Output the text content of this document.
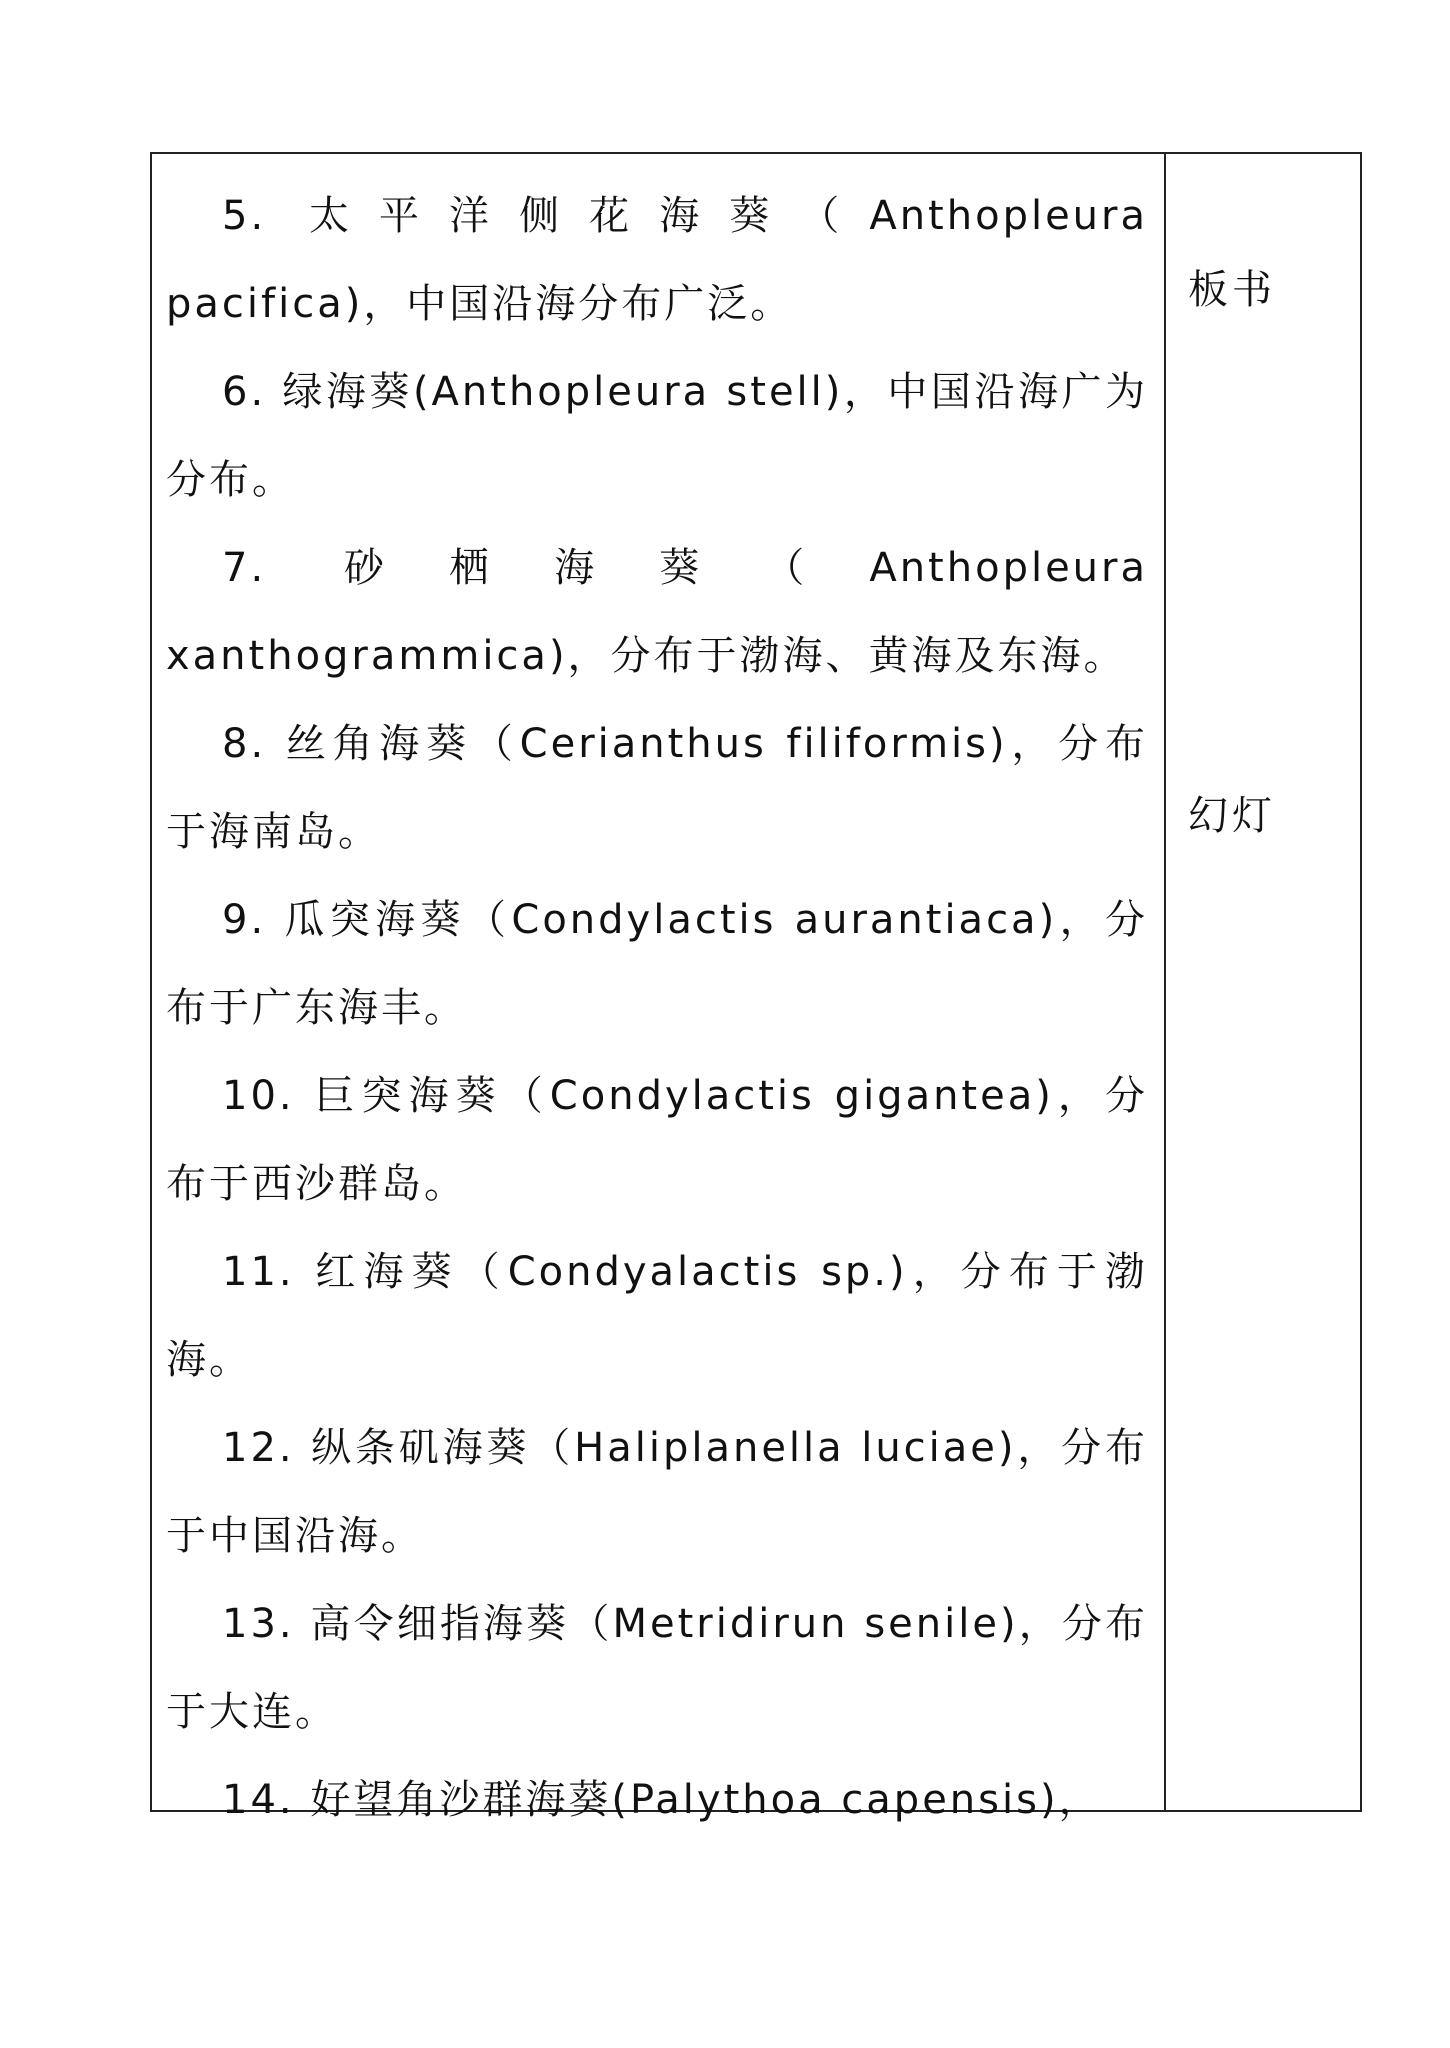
5. 太平洋侧花海葵（Anthopleura pacifica)，中国沿海分布广泛。

6. 绿海葵(Anthopleura stell)，中国沿海广为分布。

7. 砂栖海葵（Anthopleura xanthogrammica)，分布于渤海、黄海及东海。

8. 丝角海葵（Cerianthus filiformis)，分布于海南岛。

9. 瓜突海葵（Condylactis aurantiaca)，分布于广东海丰。

10. 巨突海葵（Condylactis gigantea)，分布于西沙群岛。

11. 红海葵（Condyalactis sp.)，分布于渤海。

12. 纵条矶海葵（Haliplanella luciae)，分布于中国沿海。

13. 高令细指海葵（Metridirun senile)，分布于大连。

14. 好望角沙群海葵(Palythoa capensis)，

板书
幻灯
